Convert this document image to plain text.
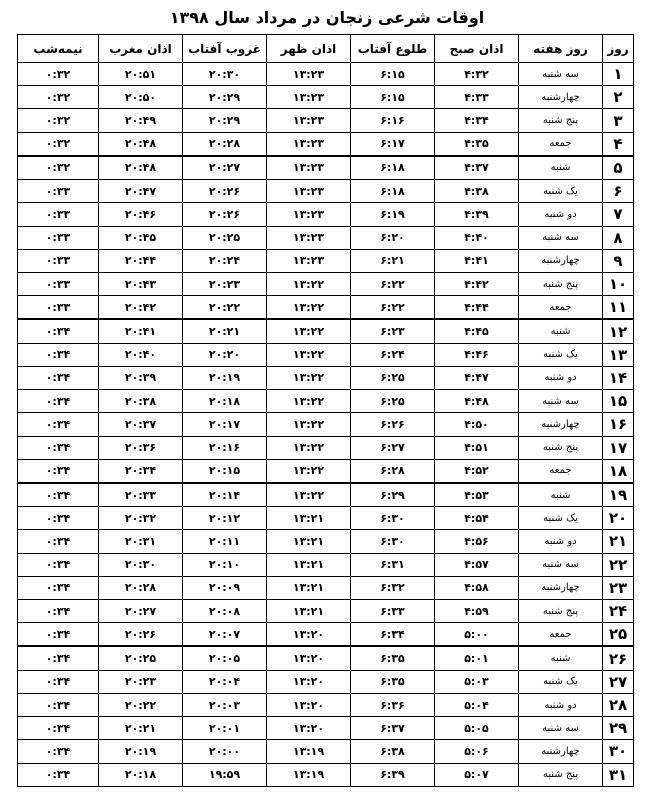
اوقات شرعی زنجان در مرداد سال ۱۳۹۸
روز	روز هفته	اذان صبح	طلوع آفتاب	اذان ظهر	غروب آفتاب	اذان مغرب	نیمه‌شب
۱	سه شنبه	۴:۳۲	۶:۱۵	۱۳:۲۳	۲۰:۳۰	۲۰:۵۱	۰:۳۲
۲	چهارشنبه	۴:۳۳	۶:۱۵	۱۳:۲۳	۲۰:۲۹	۲۰:۵۰	۰:۳۲
۳	پنج شنبه	۴:۳۴	۶:۱۶	۱۳:۲۳	۲۰:۲۹	۲۰:۴۹	۰:۳۲
۴	جمعه	۴:۳۵	۶:۱۷	۱۳:۲۳	۲۰:۲۸	۲۰:۴۸	۰:۳۲
۵	شنبه	۴:۳۷	۶:۱۸	۱۳:۲۳	۲۰:۲۷	۲۰:۴۸	۰:۳۲
۶	یک شنبه	۴:۳۸	۶:۱۸	۱۳:۲۳	۲۰:۲۶	۲۰:۴۷	۰:۳۳
۷	دو شنبه	۴:۳۹	۶:۱۹	۱۳:۲۳	۲۰:۲۶	۲۰:۴۶	۰:۳۳
۸	سه شنبه	۴:۴۰	۶:۲۰	۱۳:۲۳	۲۰:۲۵	۲۰:۴۵	۰:۳۳
۹	چهارشنبه	۴:۴۱	۶:۲۱	۱۳:۲۳	۲۰:۲۴	۲۰:۴۴	۰:۳۳
۱۰	پنج شنبه	۴:۴۲	۶:۲۲	۱۳:۲۲	۲۰:۲۳	۲۰:۴۳	۰:۳۳
۱۱	جمعه	۴:۴۴	۶:۲۲	۱۳:۲۲	۲۰:۲۲	۲۰:۴۲	۰:۳۳
۱۲	شنبه	۴:۴۵	۶:۲۳	۱۳:۲۲	۲۰:۲۱	۲۰:۴۱	۰:۳۴
۱۳	یک شنبه	۴:۴۶	۶:۲۴	۱۳:۲۲	۲۰:۲۰	۲۰:۴۰	۰:۳۴
۱۴	دو شنبه	۴:۴۷	۶:۲۵	۱۳:۲۲	۲۰:۱۹	۲۰:۳۹	۰:۳۴
۱۵	سه شنبه	۴:۴۸	۶:۲۵	۱۳:۲۲	۲۰:۱۸	۲۰:۳۸	۰:۳۴
۱۶	چهارشنبه	۴:۵۰	۶:۲۶	۱۳:۲۲	۲۰:۱۷	۲۰:۳۷	۰:۳۴
۱۷	پنج شنبه	۴:۵۱	۶:۲۷	۱۳:۲۲	۲۰:۱۶	۲۰:۳۶	۰:۳۴
۱۸	جمعه	۴:۵۲	۶:۲۸	۱۳:۲۲	۲۰:۱۵	۲۰:۳۴	۰:۳۴
۱۹	شنبه	۴:۵۳	۶:۲۹	۱۳:۲۲	۲۰:۱۴	۲۰:۳۳	۰:۳۴
۲۰	یک شنبه	۴:۵۴	۶:۳۰	۱۳:۲۱	۲۰:۱۲	۲۰:۳۲	۰:۳۴
۲۱	دو شنبه	۴:۵۶	۶:۳۰	۱۳:۲۱	۲۰:۱۱	۲۰:۳۱	۰:۳۴
۲۲	سه شنبه	۴:۵۷	۶:۳۱	۱۳:۲۱	۲۰:۱۰	۲۰:۳۰	۰:۳۴
۲۳	چهارشنبه	۴:۵۸	۶:۳۲	۱۳:۲۱	۲۰:۰۹	۲۰:۲۸	۰:۳۴
۲۴	پنج شنبه	۴:۵۹	۶:۳۳	۱۳:۲۱	۲۰:۰۸	۲۰:۲۷	۰:۳۴
۲۵	جمعه	۵:۰۰	۶:۳۴	۱۳:۲۰	۲۰:۰۷	۲۰:۲۶	۰:۳۴
۲۶	شنبه	۵:۰۱	۶:۳۵	۱۳:۲۰	۲۰:۰۵	۲۰:۲۵	۰:۳۴
۲۷	یک شنبه	۵:۰۳	۶:۳۵	۱۳:۲۰	۲۰:۰۴	۲۰:۲۳	۰:۳۴
۲۸	دو شنبه	۵:۰۴	۶:۳۶	۱۳:۲۰	۲۰:۰۳	۲۰:۲۲	۰:۳۴
۲۹	سه شنبه	۵:۰۵	۶:۳۷	۱۳:۲۰	۲۰:۰۱	۲۰:۲۱	۰:۳۴
۳۰	چهارشنبه	۵:۰۶	۶:۳۸	۱۳:۱۹	۲۰:۰۰	۲۰:۱۹	۰:۳۴
۳۱	پنج شنبه	۵:۰۷	۶:۳۹	۱۳:۱۹	۱۹:۵۹	۲۰:۱۸	۰:۳۴
